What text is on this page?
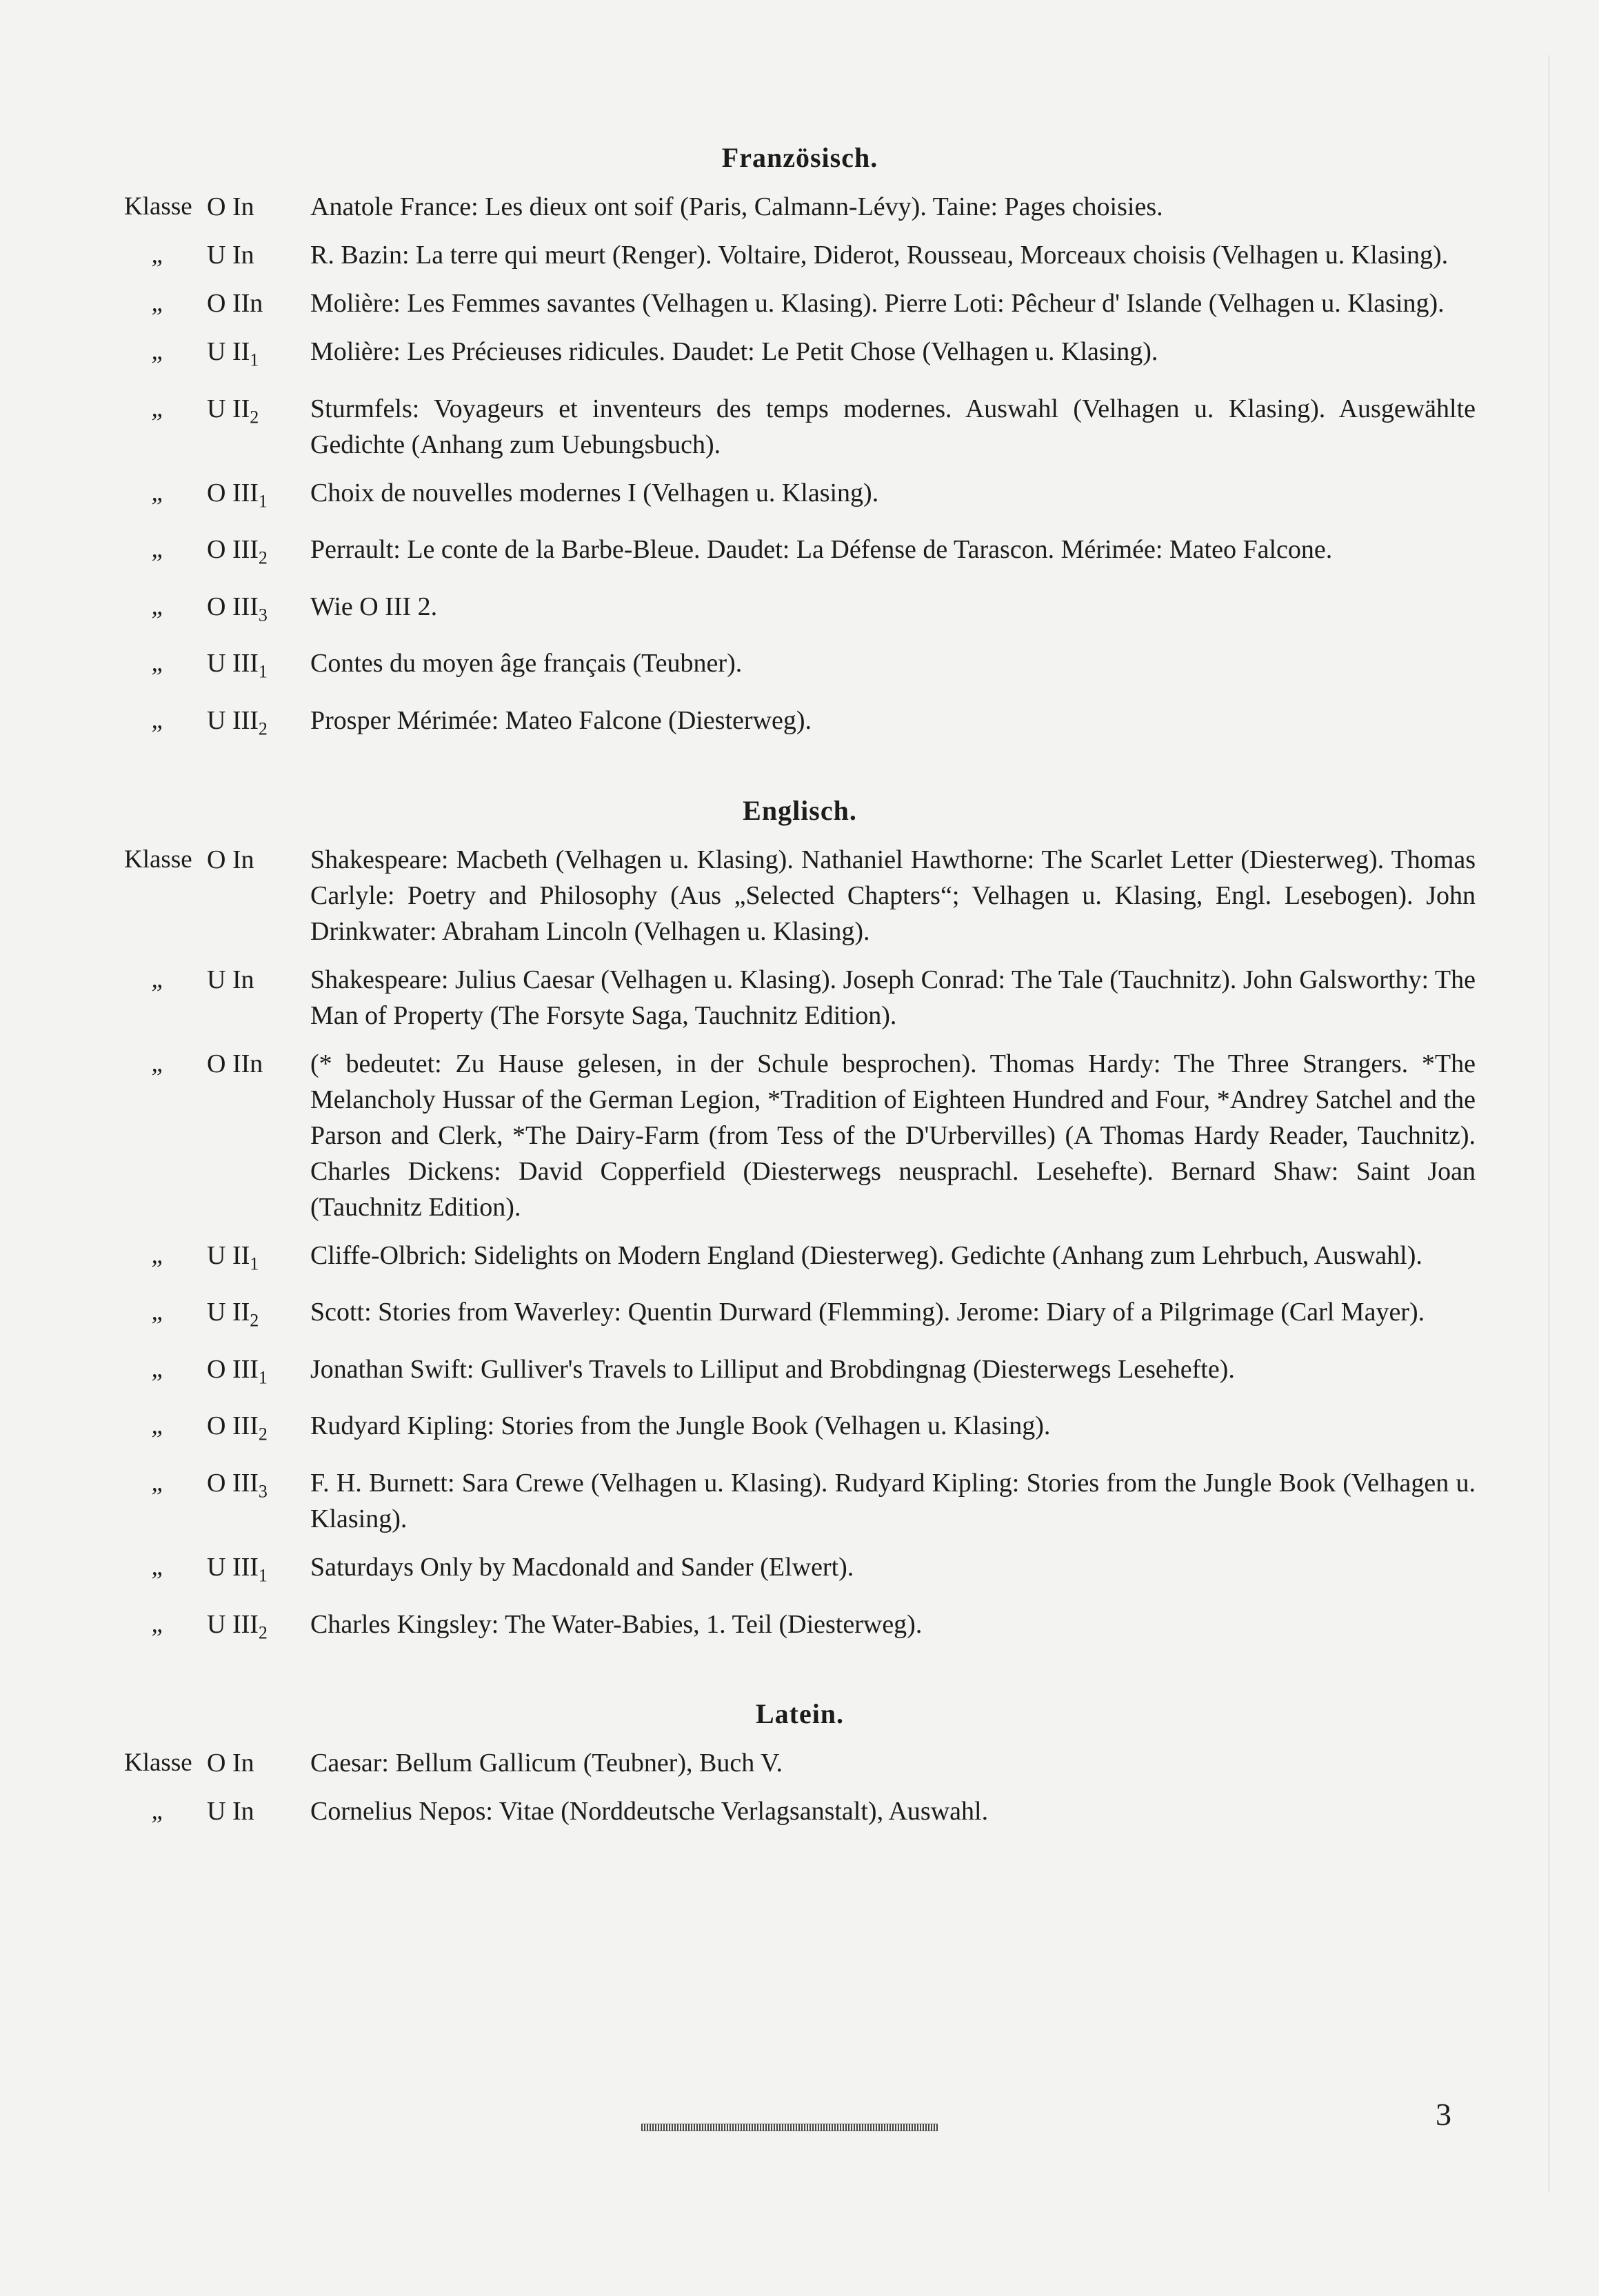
Französisch.
Klasse O In	Anatole France: Les dieux ont soif (Paris, Calmann-Lévy). Taine: Pages choisies.
„	U In	R. Bazin: La terre qui meurt (Renger). Voltaire, Diderot, Rousseau, Morceaux choisis (Velhagen u. Klasing).
„	O IIn	Molière: Les Femmes savantes (Velhagen u. Klasing). Pierre Loti: Pêcheur d' Islande (Velhagen u. Klasing).
„	U $II_1$	Molière: Les Précieuses ridicules. Daudet: Le Petit Chose (Velhagen u. Klasing).
„	U $II_2$	Sturmfels: Voyageurs et inventeurs des temps modernes. Auswahl (Velhagen u. Klasing). Ausgewählte Gedichte (Anhang zum Uebungsbuch).
„	O $III_1$	Choix de nouvelles modernes I (Velhagen u. Klasing).
„	O $III_2$	Perrault: Le conte de la Barbe-Bleue. Daudet: La Défense de Tarascon. Mérimée: Mateo Falcone.
„	O $III_3$	Wie O III 2.
„	U $III_1$	Contes du moyen âge français (Teubner).
„	U $III_2$	Prosper Mérimée: Mateo Falcone (Diesterweg).
Englisch.
Klasse O In	Shakespeare: Macbeth (Velhagen u. Klasing). Nathaniel Hawthorne: The Scarlet Letter (Diesterweg). Thomas Carlyle: Poetry and Philosophy (Aus „Selected Chapters“; Velhagen u. Klasing, Engl. Lesebogen). John Drinkwater: Abraham Lincoln (Velhagen u. Klasing).
„	U In	Shakespeare: Julius Caesar (Velhagen u. Klasing). Joseph Conrad: The Tale (Tauchnitz). John Galsworthy: The Man of Property (The Forsyte Saga, Tauchnitz Edition).
„	O IIn	(* bedeutet: Zu Hause gelesen, in der Schule besprochen). Thomas Hardy: The Three Strangers. *The Melancholy Hussar of the German Legion, *Tradition of Eighteen Hundred and Four, *Andrey Satchel and the Parson and Clerk, *The Dairy-Farm (from Tess of the D'Urbervilles) (A Thomas Hardy Reader, Tauchnitz). Charles Dickens: David Copperfield (Diesterwegs neusprachl. Lesehefte). Bernard Shaw: Saint Joan (Tauchnitz Edition).
„	U $II_1$	Cliffe-Olbrich: Sidelights on Modern England (Diesterweg). Gedichte (Anhang zum Lehrbuch, Auswahl).
„	U $II_2$	Scott: Stories from Waverley: Quentin Durward (Flemming). Jerome: Diary of a Pilgrimage (Carl Mayer).
„	O $III_1$	Jonathan Swift: Gulliver's Travels to Lilliput and Brobdingnag (Diesterwegs Lesehefte).
„	O $III_2$	Rudyard Kipling: Stories from the Jungle Book (Velhagen u. Klasing).
„	O $III_3$	F. H. Burnett: Sara Crewe (Velhagen u. Klasing). Rudyard Kipling: Stories from the Jungle Book (Velhagen u. Klasing).
„	U $III_1$	Saturdays Only by Macdonald and Sander (Elwert).
„	U $III_2$	Charles Kingsley: The Water-Babies, 1. Teil (Diesterweg).
Latein.
Klasse O In	Caesar: Bellum Gallicum (Teubner), Buch V.
„	U In	Cornelius Nepos: Vitae (Norddeutsche Verlagsanstalt), Auswahl.
3
